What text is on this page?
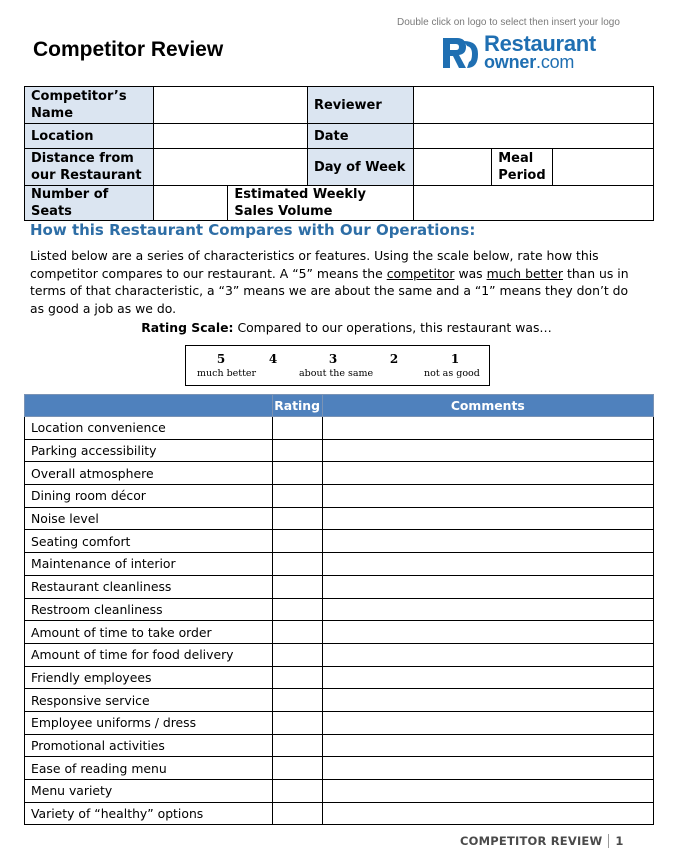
Double click on logo to select then insert your logo
Competitor Review	Restaurant
owner.com
Competitor’s Name			Reviewer			
Location			Date			
Distance from our Restaurant			Day of Week		Meal Period	
Number of Seats		Estimated Weekly Sales Volume				
How this Restaurant Compares with Our Operations:
Listed below are a series of characteristics or features. Using the scale below, rate how this competitor compares to our restaurant. A “5” means the competitor was much better than us in terms of that characteristic, a “3” means we are about the same and a “1” means they don’t do as good a job as we do.
Rating Scale: Compared to our operations, this restaurant was…
5	4	3	2	1
much better	about the same	not as good
	Rating	Comments
Location convenience		
Parking accessibility		
Overall atmosphere		
Dining room décor		
Noise level		
Seating comfort		
Maintenance of interior		
Restaurant cleanliness		
Restroom cleanliness		
Amount of time to take order		
Amount of time for food delivery		
Friendly employees		
Responsive service		
Employee uniforms / dress		
Promotional activities		
Ease of reading menu		
Menu variety		
Variety of “healthy” options		
COMPETITOR REVIEW 1
